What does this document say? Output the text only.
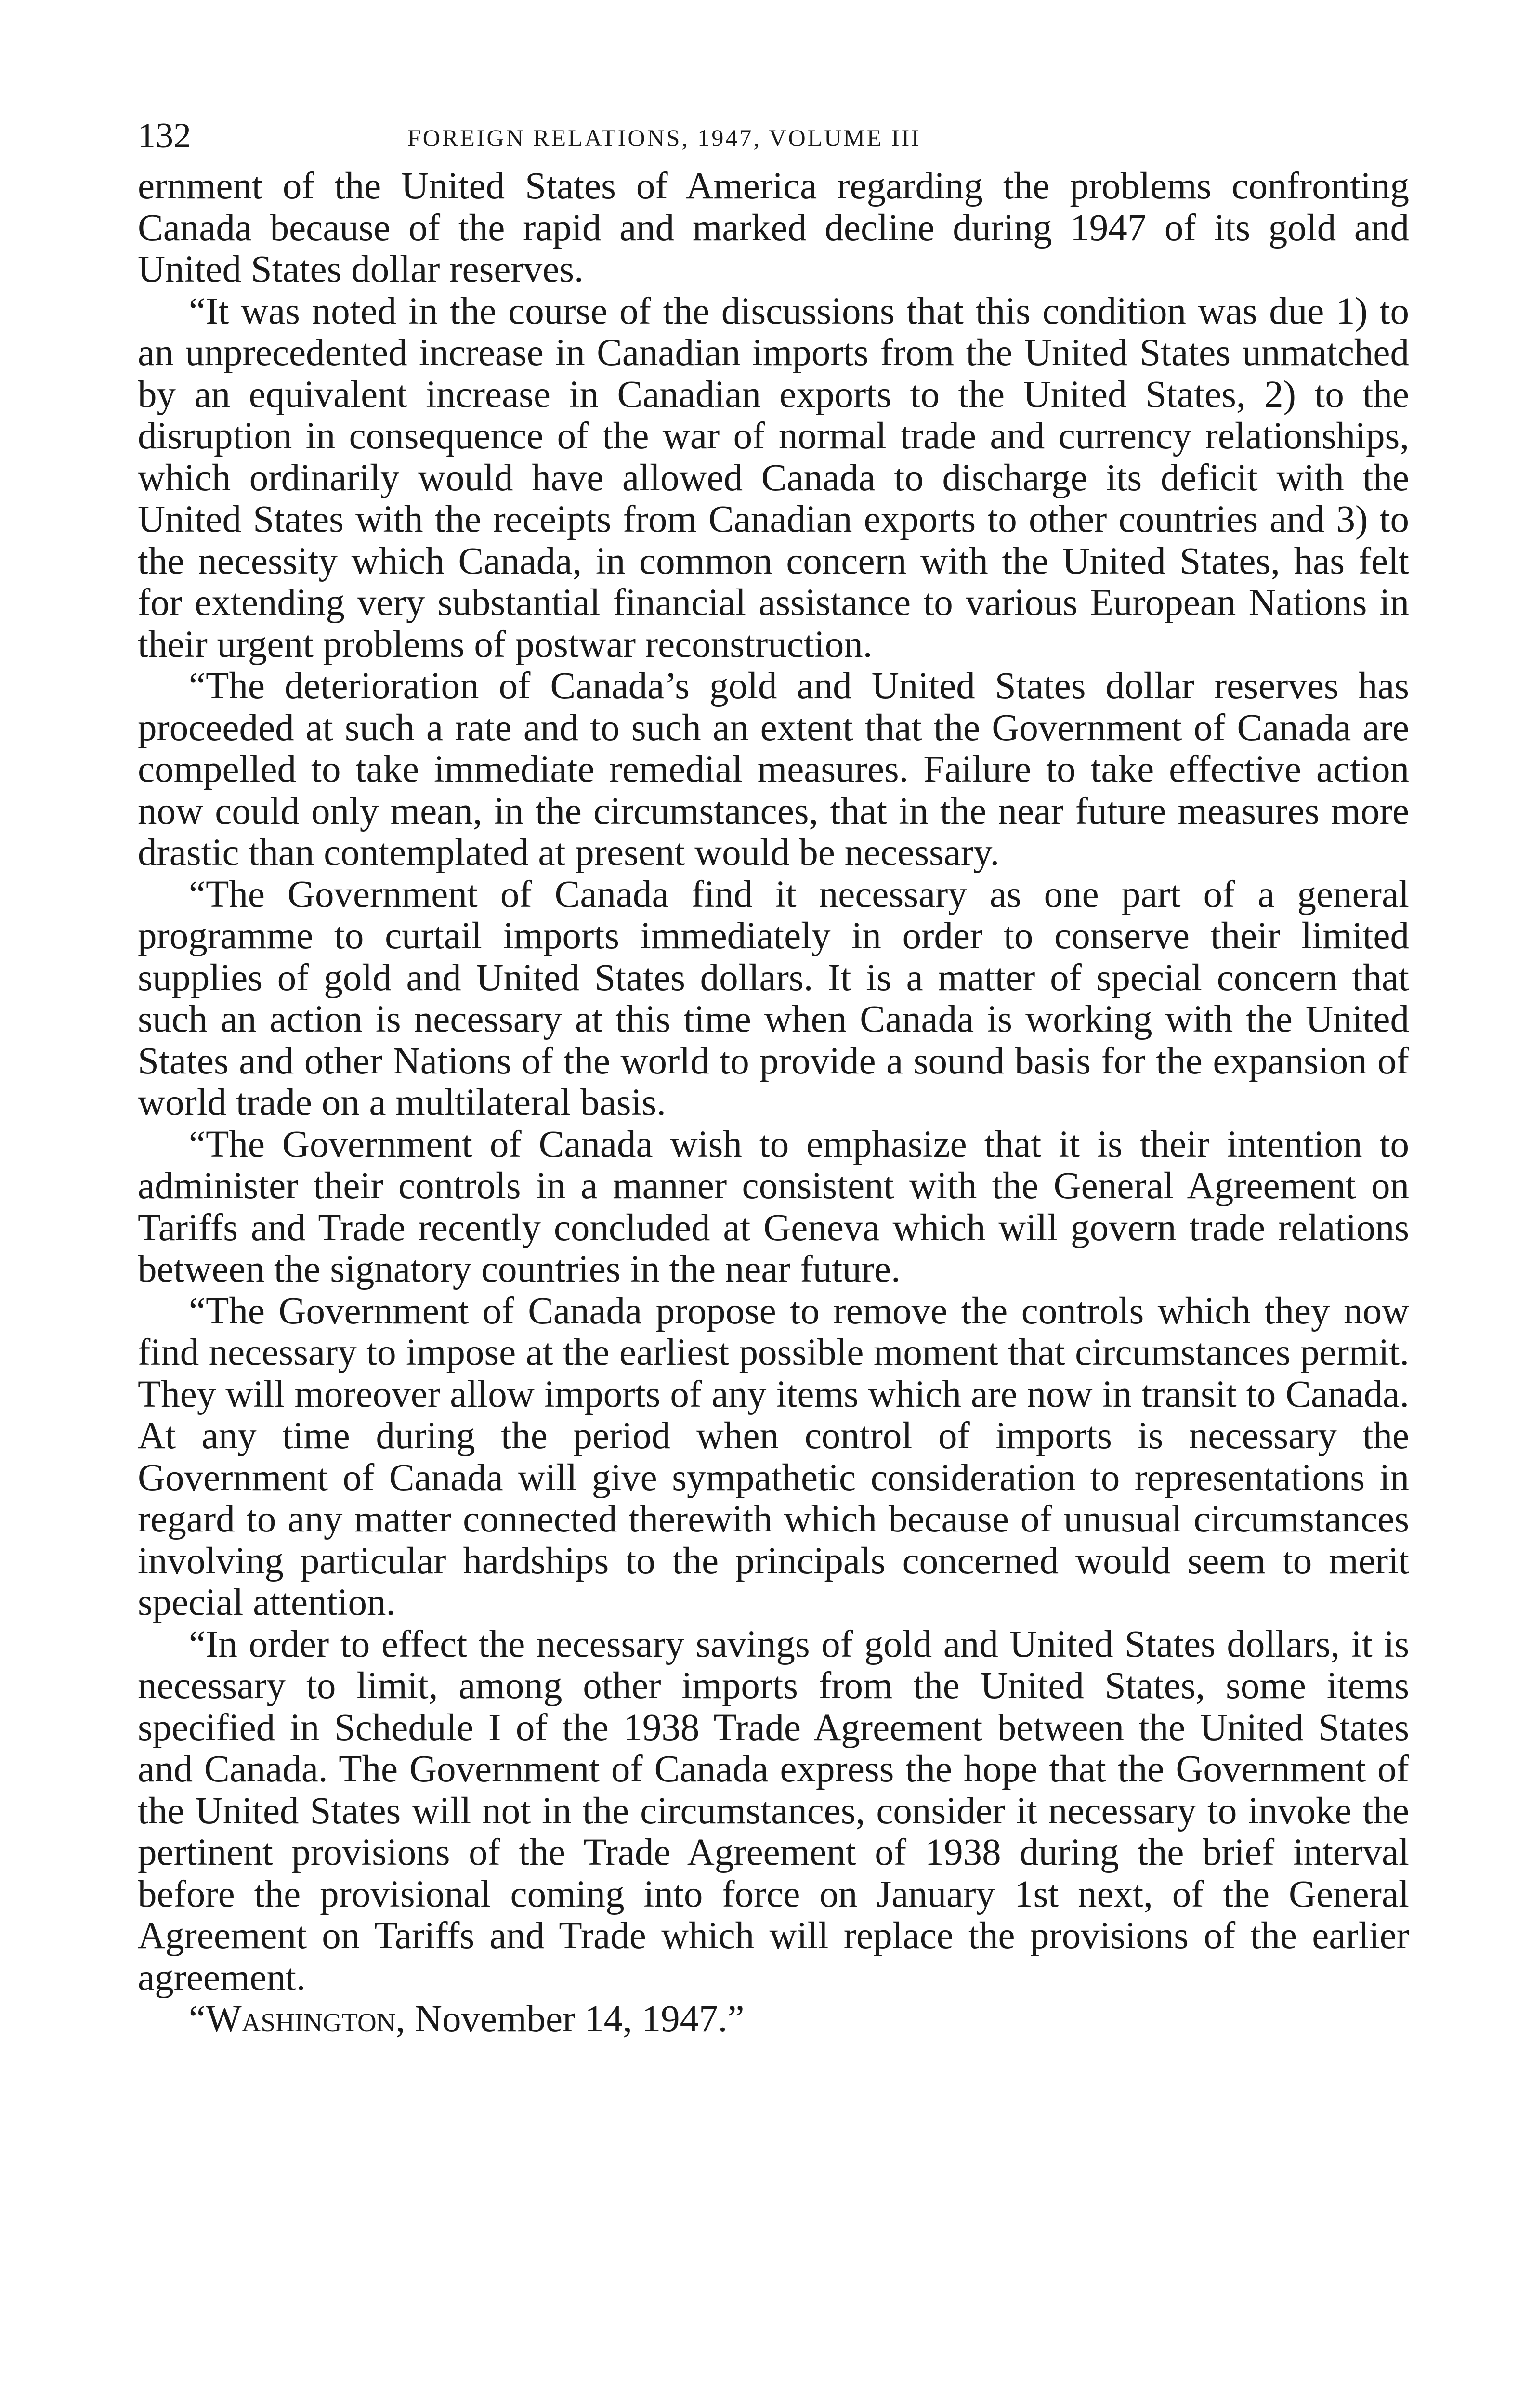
132	FOREIGN RELATIONS, 1947, VOLUME III

ernment of the United States of America regarding the problems confronting Canada because of the rapid and marked decline during 1947 of its gold and United States dollar reserves.

“It was noted in the course of the discussions that this condition was due 1) to an unprecedented increase in Canadian imports from the United States unmatched by an equivalent increase in Canadian exports to the United States, 2) to the disruption in consequence of the war of normal trade and currency relationships, which ordinarily would have allowed Canada to discharge its deficit with the United States with the receipts from Canadian exports to other countries and 3) to the necessity which Canada, in common concern with the United States, has felt for extending very substantial financial assistance to various European Nations in their urgent problems of postwar reconstruction.

“The deterioration of Canada’s gold and United States dollar reserves has proceeded at such a rate and to such an extent that the Government of Canada are compelled to take immediate remedial measures. Failure to take effective action now could only mean, in the circumstances, that in the near future measures more drastic than contemplated at present would be necessary.

“The Government of Canada find it necessary as one part of a general programme to curtail imports immediately in order to conserve their limited supplies of gold and United States dollars. It is a matter of special concern that such an action is necessary at this time when Canada is working with the United States and other Nations of the world to provide a sound basis for the expansion of world trade on a multilateral basis.

“The Government of Canada wish to emphasize that it is their intention to administer their controls in a manner consistent with the General Agreement on Tariffs and Trade recently concluded at Geneva which will govern trade relations between the signatory countries in the near future.

“The Government of Canada propose to remove the controls which they now find necessary to impose at the earliest possible moment that circumstances permit. They will moreover allow imports of any items which are now in transit to Canada. At any time during the period when control of imports is necessary the Government of Canada will give sympathetic consideration to representations in regard to any matter connected therewith which because of unusual circumstances involving particular hardships to the principals concerned would seem to merit special attention.

“In order to effect the necessary savings of gold and United States dollars, it is necessary to limit, among other imports from the United States, some items specified in Schedule I of the 1938 Trade Agreement between the United States and Canada. The Government of Canada express the hope that the Government of the United States will not in the circumstances, consider it necessary to invoke the pertinent provisions of the Trade Agreement of 1938 during the brief interval before the provisional coming into force on January 1st next, of the General Agreement on Tariffs and Trade which will replace the provisions of the earlier agreement.

“Washington, November 14, 1947.”
